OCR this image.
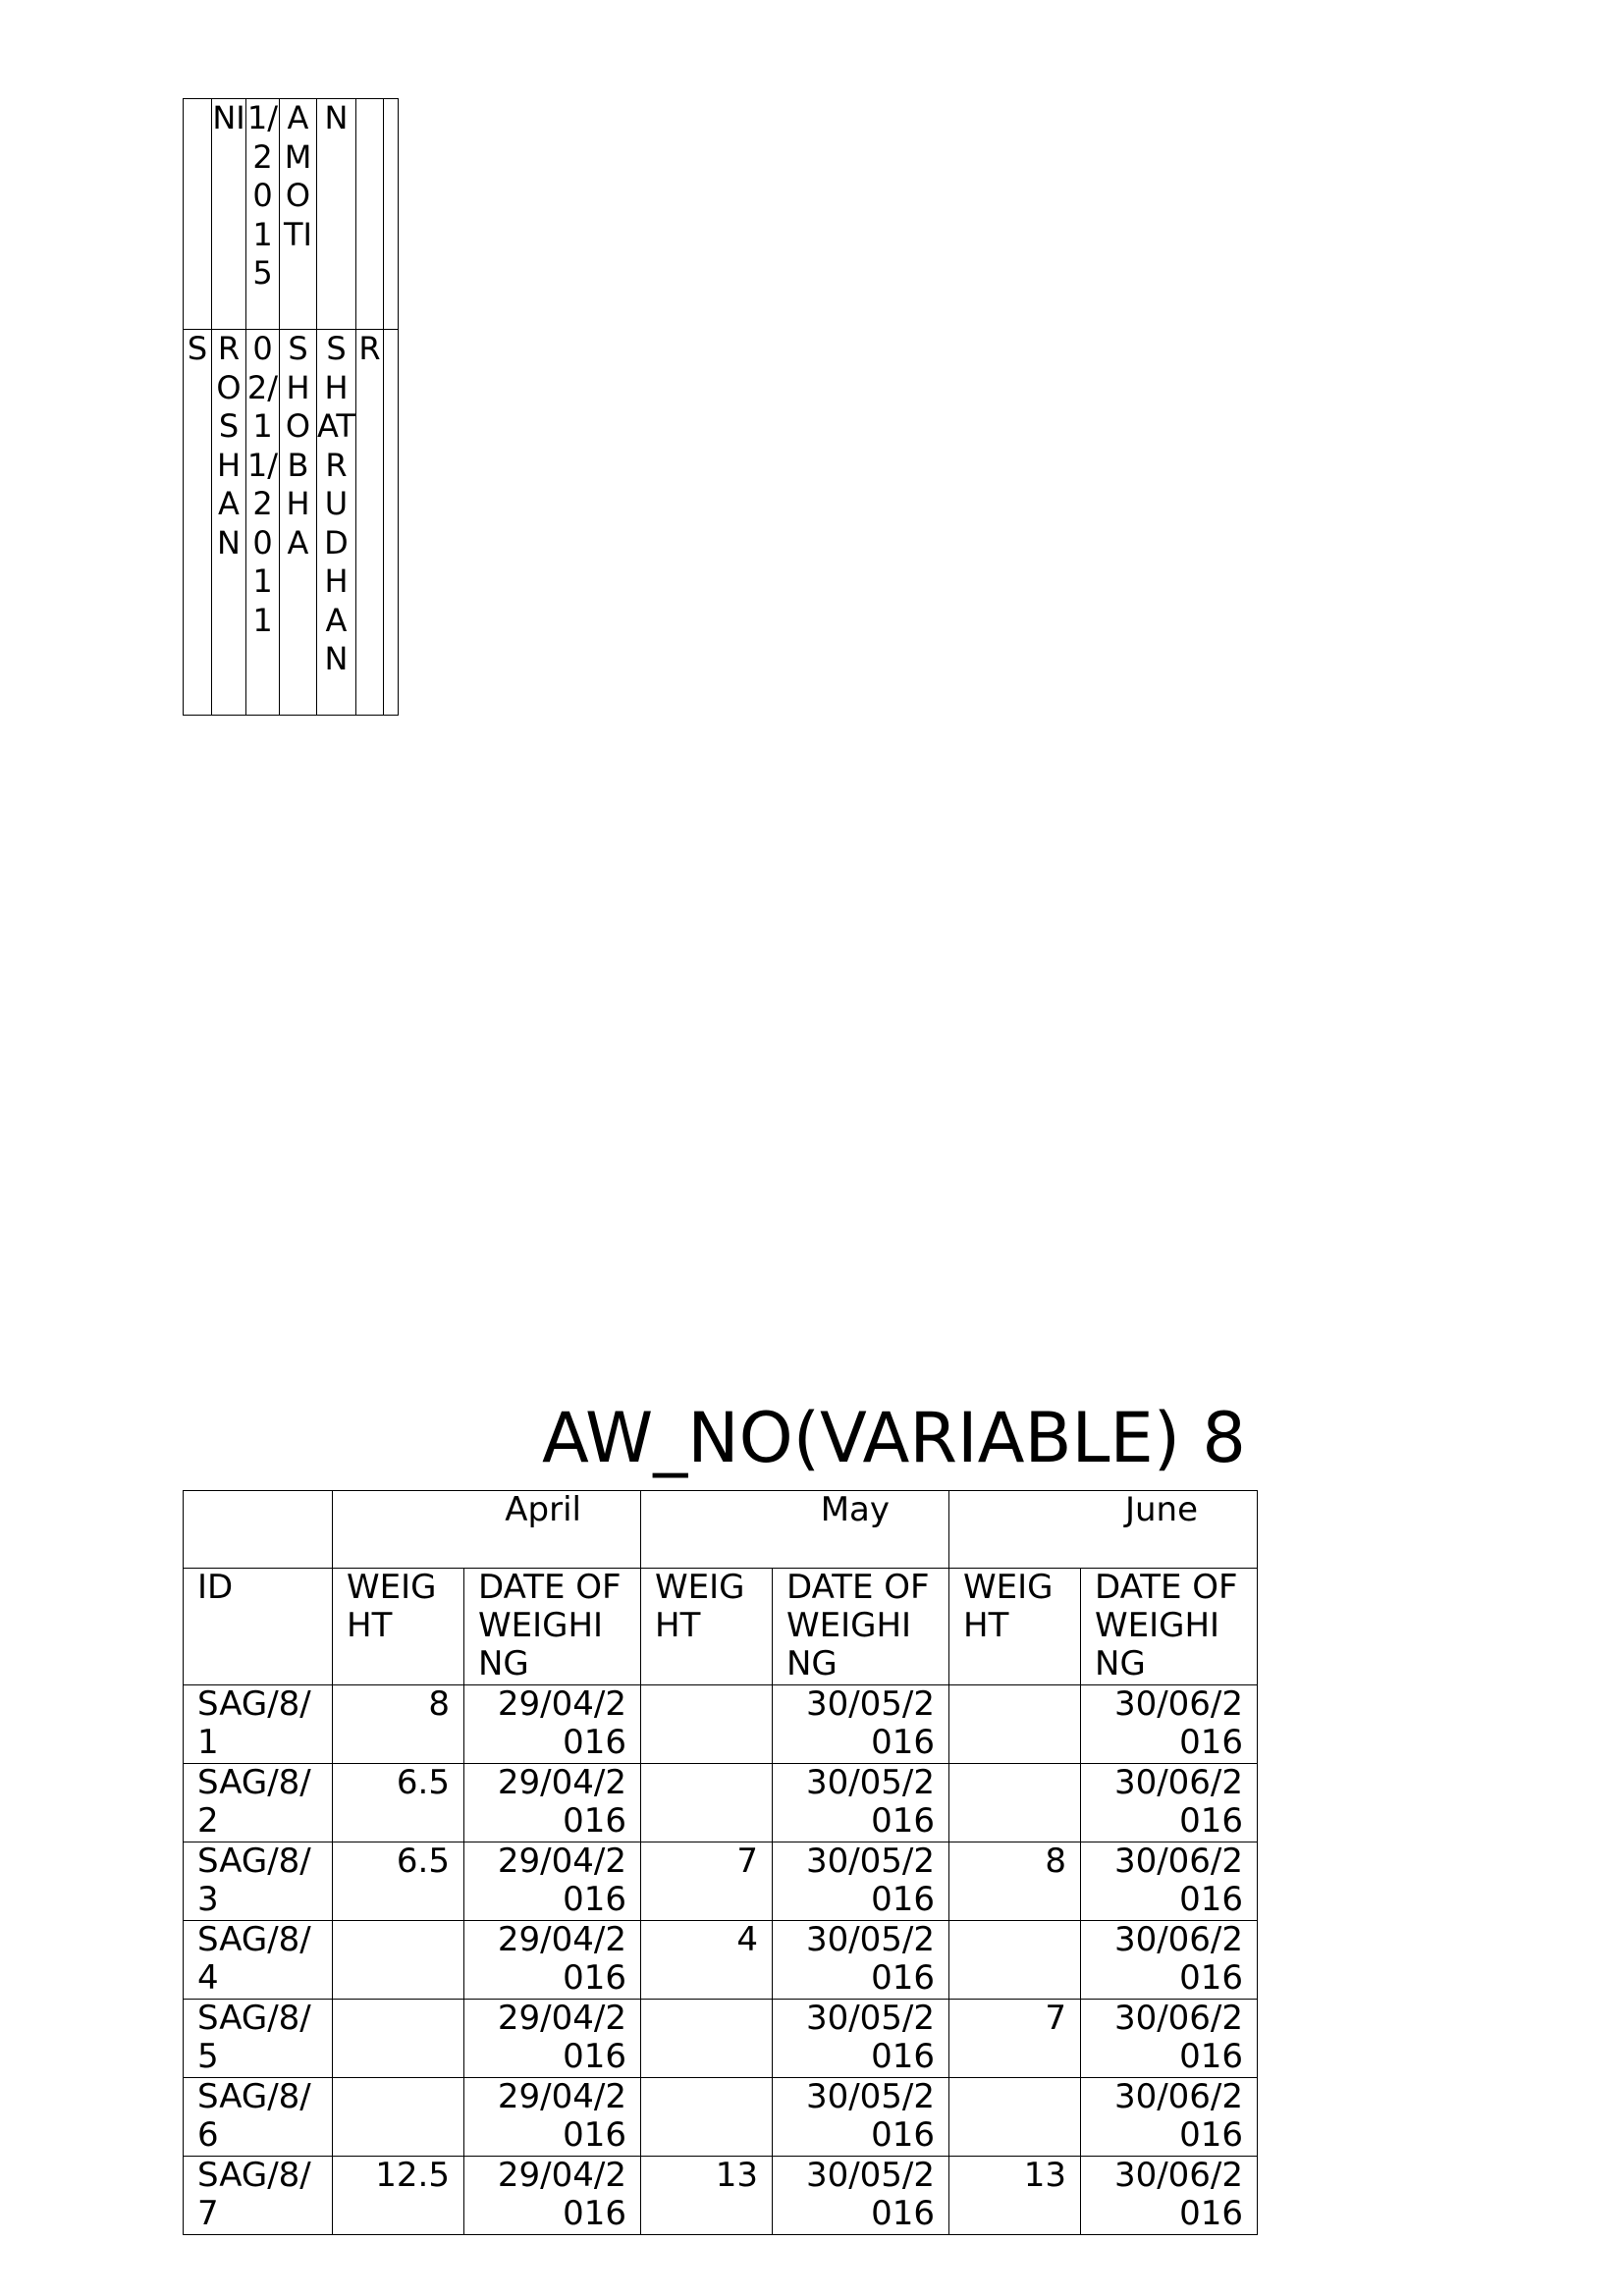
	NI	1/2015	AMOTI	N		
S	ROSHAN	02/11/2011	SHOBHA	SHATRUDHAN	R	
AW_NO(VARIABLE) 8
	April		May		June	
ID	WEIGHT	DATE OF WEIGHING	WEIGHT	DATE OF WEIGHING	WEIGHT	DATE OF WEIGHING
SAG/8/1	8	29/04/2016		30/05/2016		30/06/2016
SAG/8/2	6.5	29/04/2016		30/05/2016		30/06/2016
SAG/8/3	6.5	29/04/2016	7	30/05/2016	8	30/06/2016
SAG/8/4		29/04/2016	4	30/05/2016		30/06/2016
SAG/8/5		29/04/2016		30/05/2016	7	30/06/2016
SAG/8/6		29/04/2016		30/05/2016		30/06/2016
SAG/8/7	12.5	29/04/2016	13	30/05/2016	13	30/06/2016
